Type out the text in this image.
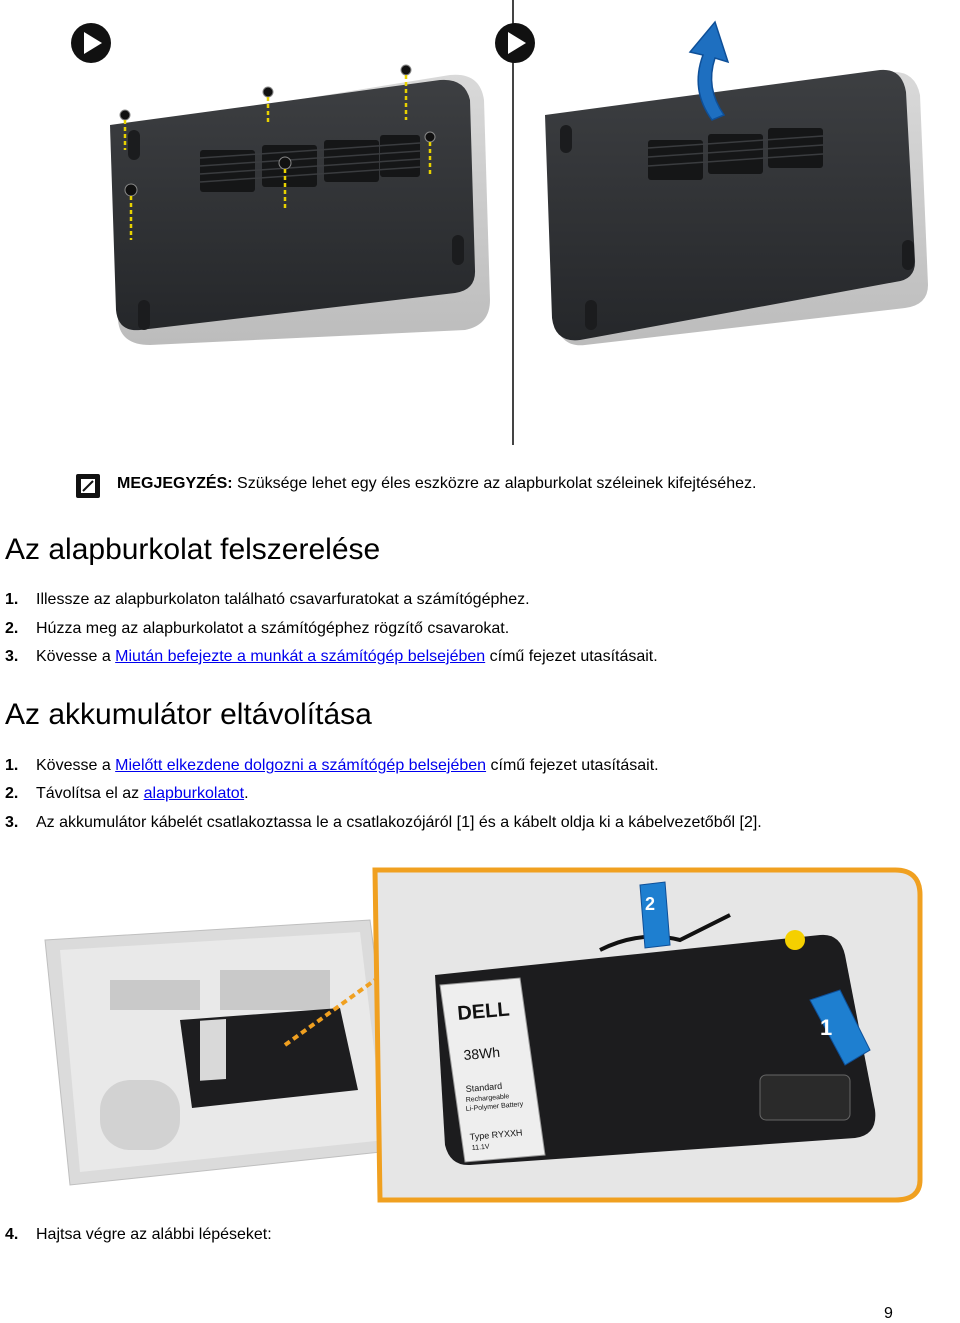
MEGJEGYZÉS: Szüksége lehet egy éles eszközre az alapburkolat széleinek kifejtéséhez.
Az alapburkolat felszerelése
1. Illessze az alapburkolaton található csavarfuratokat a számítógéphez.
2. Húzza meg az alapburkolatot a számítógéphez rögzítő csavarokat.
3. Kövesse a Miután befejezte a munkát a számítógép belsejében című fejezet utasításait.
Az akkumulátor eltávolítása
1. Kövesse a Mielőtt elkezdene dolgozni a számítógép belsejében című fejezet utasításait.
2. Távolítsa el az alapburkolatot.
3. Az akkumulátor kábelét csatlakoztassa le a csatlakozójáról [1] és a kábelt oldja ki a kábelvezetőből [2].
DELL
38Wh
Standard
Rechargeable
Li-Polymer Battery
Type RYXXH
11.1V
1
2
4. Hajtsa végre az alábbi lépéseket:
9
